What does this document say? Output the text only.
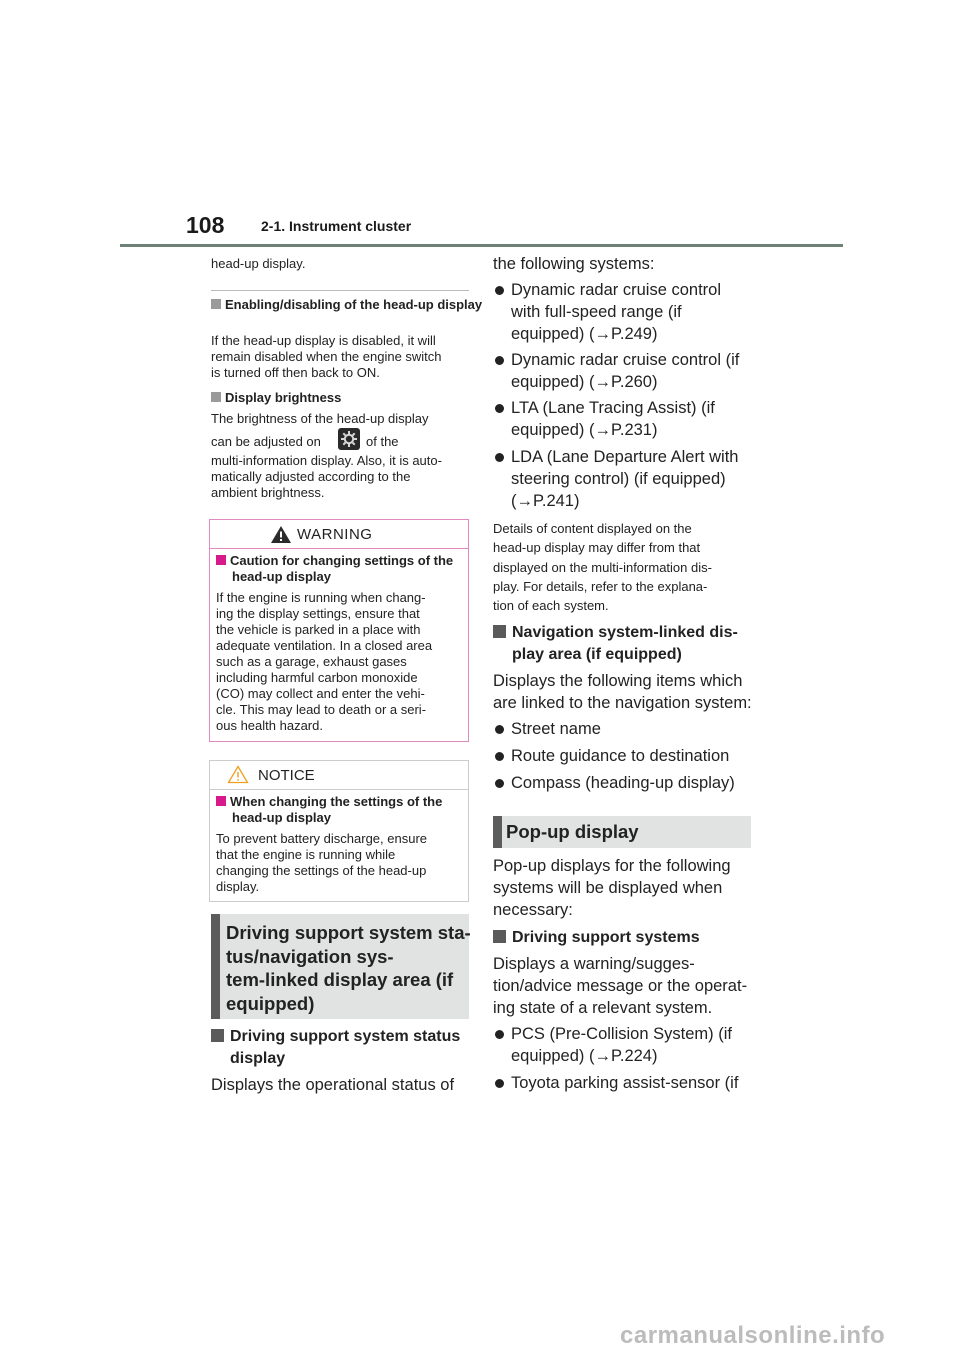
108	2-1. Instrument cluster
head-up display.
Enabling/disabling of the head-up display
If the head-up display is disabled, it will
remain disabled when the engine switch
is turned off then back to ON.
Display brightness
The brightness of the head-up display
can be adjusted on	of the
multi-information display. Also, it is auto-
matically adjusted according to the
ambient brightness.
WARNING
Caution for changing settings of the head-up display
If the engine is running when chang-
ing the display settings, ensure that
the vehicle is parked in a place with
adequate ventilation. In a closed area
such as a garage, exhaust gases
including harmful carbon monoxide
(CO) may collect and enter the vehi-
cle. This may lead to death or a seri-
ous health hazard.
NOTICE
When changing the settings of the head-up display
To prevent battery discharge, ensure
that the engine is running while
changing the settings of the head-up
display.
Driving support system sta-
tus/navigation sys-
tem-linked display area (if
equipped)
Driving support system status
display
Displays the operational status of
the following systems:
Dynamic radar cruise control
with full-speed range (if
equipped) (→P.249)
Dynamic radar cruise control (if
equipped) (→P.260)
LTA (Lane Tracing Assist) (if
equipped) (→P.231)
LDA (Lane Departure Alert with
steering control) (if equipped)
(→P.241)
Details of content displayed on the
head-up display may differ from that
displayed on the multi-information dis-
play. For details, refer to the explana-
tion of each system.
Navigation system-linked dis-
play area (if equipped)
Displays the following items which
are linked to the navigation system:
Street name
Route guidance to destination
Compass (heading-up display)
Pop-up display
Pop-up displays for the following
systems will be displayed when
necessary:
Driving support systems
Displays a warning/sugges-
tion/advice message or the operat-
ing state of a relevant system.
PCS (Pre-Collision System) (if
equipped) (→P.224)
Toyota parking assist-sensor (if
carmanualsonline.info
